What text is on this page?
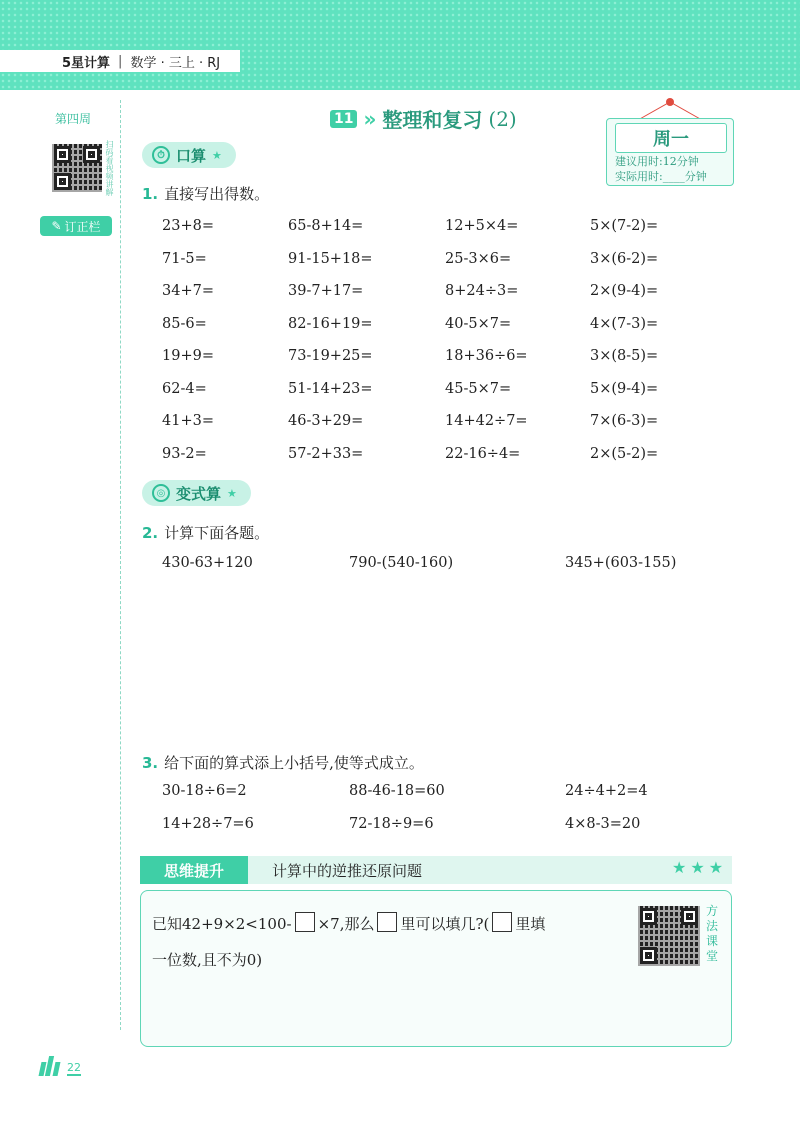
5星计算 | 数学 · 三上 · RJ
第四周
扫码看视频讲解
✎ 订正栏
11 » 整理和复习 (2)
周一
建议用时:12分钟
实际用时:____分钟
⏱ 口算 ★
1. 直接写出得数。
23+8=	65-8+14=	12+5×4=	5×(7-2)=
71-5=	91-15+18=	25-3×6=	3×(6-2)=
34+7=	39-7+17=	8+24÷3=	2×(9-4)=
85-6=	82-16+19=	40-5×7=	4×(7-3)=
19+9=	73-19+25=	18+36÷6=	3×(8-5)=
62-4=	51-14+23=	45-5×7=	5×(9-4)=
41+3=	46-3+29=	14+42÷7=	7×(6-3)=
93-2=	57-2+33=	22-16÷4=	2×(5-2)=
◎ 变式算 ★
2. 计算下面各题。
430-63+120	790-(540-160)	345+(603-155)
3. 给下面的算式添上小括号,使等式成立。
30-18÷6=2	88-46-18=60	24÷4+2=4
14+28÷7=6	72-18÷9=6	4×8-3=20
思维提升	计算中的逆推还原问题	★★★
已知42+9×2<100- ×7,那么 里可以填几?( 里填
一位数,且不为0)
方法课堂
22
